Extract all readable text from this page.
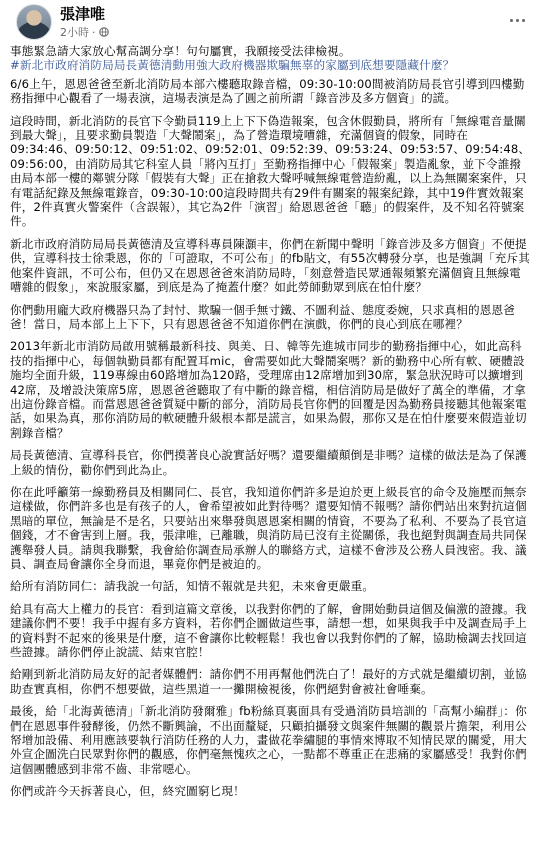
張津唯
2小時 ·

事態緊急請大家放心幫高調分享！句句屬實，我願接受法律檢視。
#新北市政府消防局局長黃德清動用強大政府機器欺騙無辜的家屬到底想要隱藏什麼？

6/6上午，恩恩爸爸至新北消防局本部六樓聽取錄音檔，09:30-10:00間被消防局長官引導到四樓勤務指揮中心觀看了一場表演，這場表演是為了圓之前所謂「錄音涉及多方個資」的謊。

這段時間，新北消防的長官下令勤員119上上下下偽造報案，包含休假勤員，將所有「無線電音量關到最大聲」，且要求勤員製造「大聲鬧案」，為了營造環境嘈雜，充滿個資的假象，同時在09:34:46、09:50:12、09:51:02、09:52:01、09:52:39、09:53:24、09:53:57、09:54:48、09:56:00，由消防局其它科室人員「將內互打」至勤務指揮中心「假報案」製造亂象，並下令誰撥由局本部一樓的鄰號分隊「假裝有大聲」正在搶救大聲呼喊無線電營造紛亂，以上為無關案案件，只有電話紀錄及無線電錄音，09:30-10:00這段時間共有29件有關案的報案紀錄，其中19件實效報案件，2件真實火警案件（含誤報），其它為2件「演習」給恩恩爸爸「聽」的假案件，及不知名符號案件。

新北市政府消防局局長黃德清及宣導科專員陳灝丰，你們在新聞中聲明「錄音涉及多方個資」不便提供，宣導科技士徐秉恩，你的「可證取，不可公布」的fb貼文，有55次轉發分享，也是強調「充斥其他案件資訊，不可公布，但仍又在恩恩爸爸來消防局時，「刻意營造民眾通報頻繁充滿個資且無線電嘈雜的假象」，來說服家屬，到底是為了掩蓋什麼？如此勞師動眾到底在怕什麼？

你們動用龐大政府機器只為了封忖、欺騙一個手無寸鐵、不圖利益、態度委婉，只求真相的恩恩爸爸！當日，局本部上上下下，只有恩恩爸爸不知道你們在演戲，你們的良心到底在哪裡？

2013年新北市消防局啟用號稱最新科技、與美、日、韓等先進城市同步的勤務指揮中心，如此高科技的指揮中心，每個執勤員都有配置耳mic，會需要如此大聲鬧案嗎？新的勤務中心所有軟、硬體設施均全面升級，119專線由60路增加為120路，受理席由12席增加到30席，緊急狀況時可以擴增到42席，及增設決策席5席，恩恩爸爸聽取了有中斷的錄音檔，相信消防局是做好了萬全的準備，才拿出這份錄音檔。而當恩恩爸爸質疑中斷的部分，消防局長官你們的回覆是因為勤務員接聽其他報案電話，如果為真，那你消防局的軟硬體升級根本都是謊言，如果為假，那你又是在怕什麼要來假造並切割錄音檔？

局長黃德清、宣導科長官，你們摸著良心說實話好嗎？還要繼續顛倒是非嗎？這樣的做法是為了保護上級的情份，勸你們到此為止。

你在此呼籲第一線勤務員及相關同仁、長官，我知道你們許多是迫於更上級長官的命令及施壓而無奈這樣做，你們許多也是有孩子的人，會希望被如此對待嗎？還要知情不報嗎？請你們站出來對抗這個黑暗的單位，無論是不是名，只要站出來舉發與恩恩案相關的情資，不要為了私利、不要為了長官這個錢，才不會害到上層。我，張津唯，已離職，與消防局已沒有主從關係，我也絕對與調查局共同保護舉發人員。請與我聯繫，我會給你調查局承辦人的聯絡方式，這樣不會涉及公務人員洩密。我、議員、調查局會讓你全身而退，畢竟你們是被迫的。

給所有消防同仁：請我說一句話，知情不報就是共犯，未來會更嚴重。

給具有高大上權力的長官：看到這篇文章後，以我對你們的了解，會開始動員這個及偏激的證據。我建議你們不要！我手中握有多方資料，若你們企圖做這些事，請想一想，如果與我手中及調查局手上的資料對不起來的後果是什麼，這不會讓你比較輕鬆！我也會以我對你們的了解，協助檢調去找回這些證據。請你們停止說謊、結束官腔！

給剛到新北消防局友好的記者媒體們：請你們不用再幫他們洗白了！最好的方式就是繼續切割，並協助查實真相，你們不想要做，這些黑道一一攤開檢視後，你們絕對會被社會唾棄。

最後，給「北海黃德清」「新北消防發爾雅」fb粉絲頁裏面具有受過消防員培訓的「高幫小編群」：你們在恩恩事件發酵後，仍然不斷興論，不出面釐疑，只顧拍攝發文與案件無關的觀景片擔架，利用公帑增加設備、利用應該要執行消防任務的人力，畫做花拳繡腿的事情來博取不知情民眾的關愛，用大外宣企圖洗白民眾對你們的觀感，你們毫無愧疚之心，一點都不尊重正在悲痛的家屬感受！我對你們這個團體感到非常不齒、非常噁心。

你們或許今天拆著良心，但，終究圖窮匕現！
